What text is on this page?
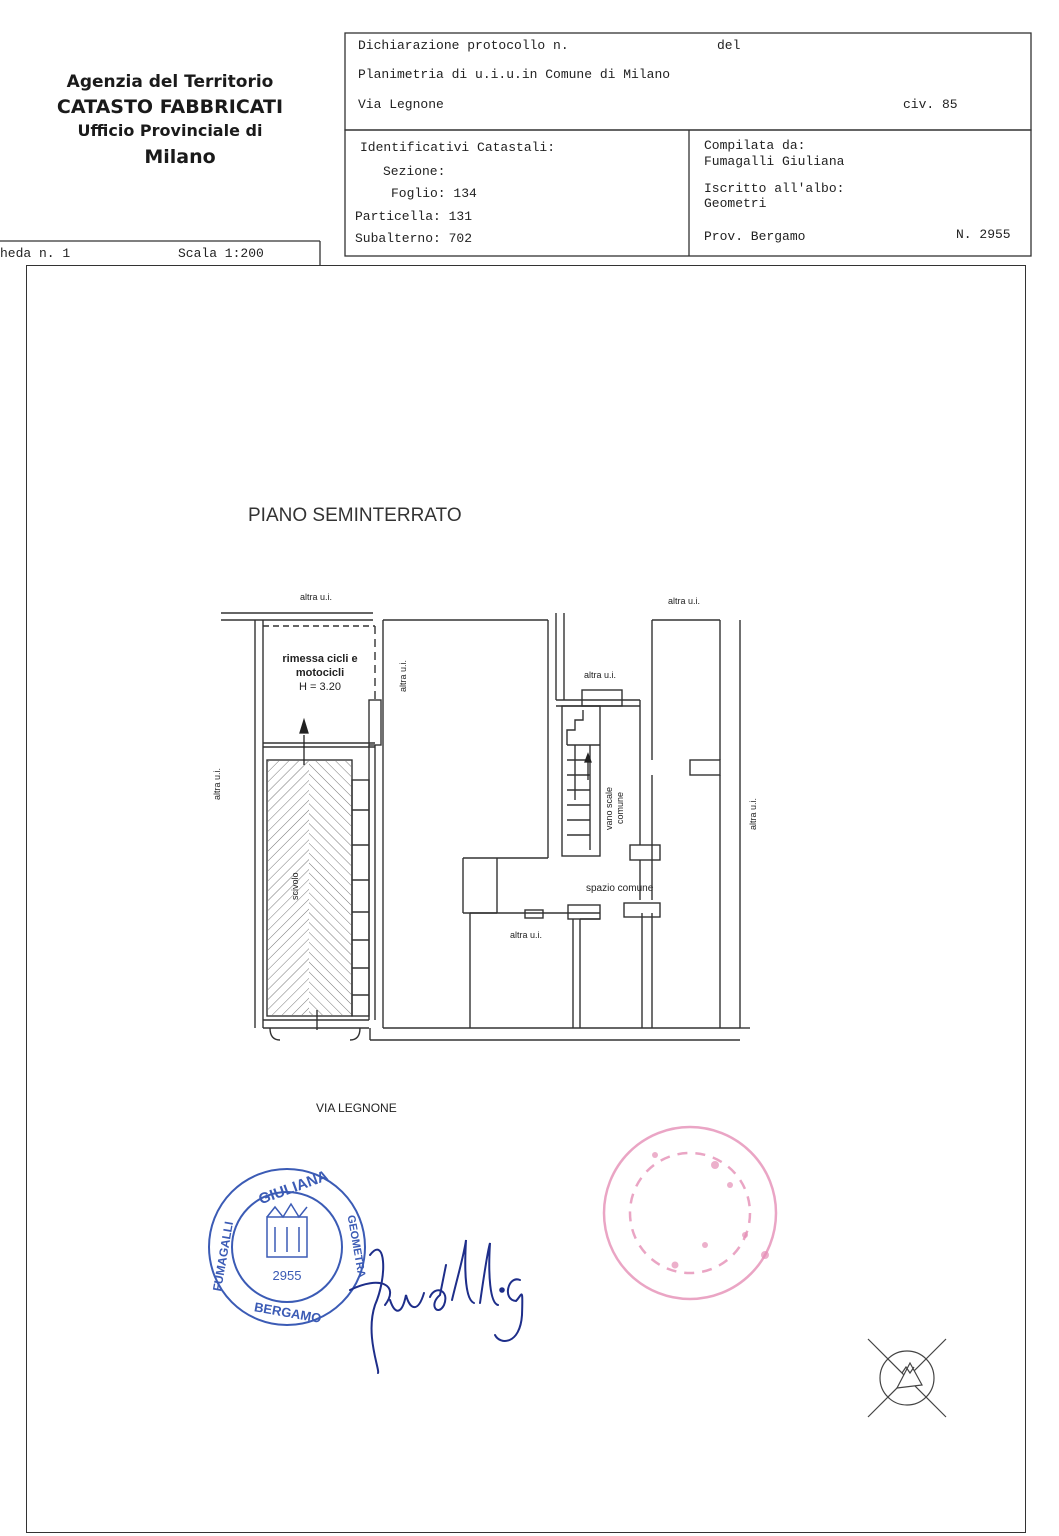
Agenzia del Territorio
CATASTO FABBRICATI
Ufficio Provinciale di
Milano
Dichiarazione protocollo n.	del
Planimetria di u.i.u.in Comune di Milano
Via Legnone	civ. 85
Identificativi Catastali:
Sezione:
Foglio: 134
Particella: 131
Subalterno: 702
Compilata da:
Fumagalli Giuliana
Iscritto all'albo:
Geometri
Prov. Bergamo	N. 2955
heda n. 1	Scala 1:200
PIANO SEMINTERRATO
altra u.i.	altra u.i.
altra u.i.
altra u.i.
spazio comune
altra u.i.
altra u.i.
altra u.i.
scivolo
vano scale comune
rimessa cicli e
motocicli
H = 3.20
VIA LEGNONE
GIULIANA
2955
BERGAMO
FUMAGALLI	GEOMETRA
